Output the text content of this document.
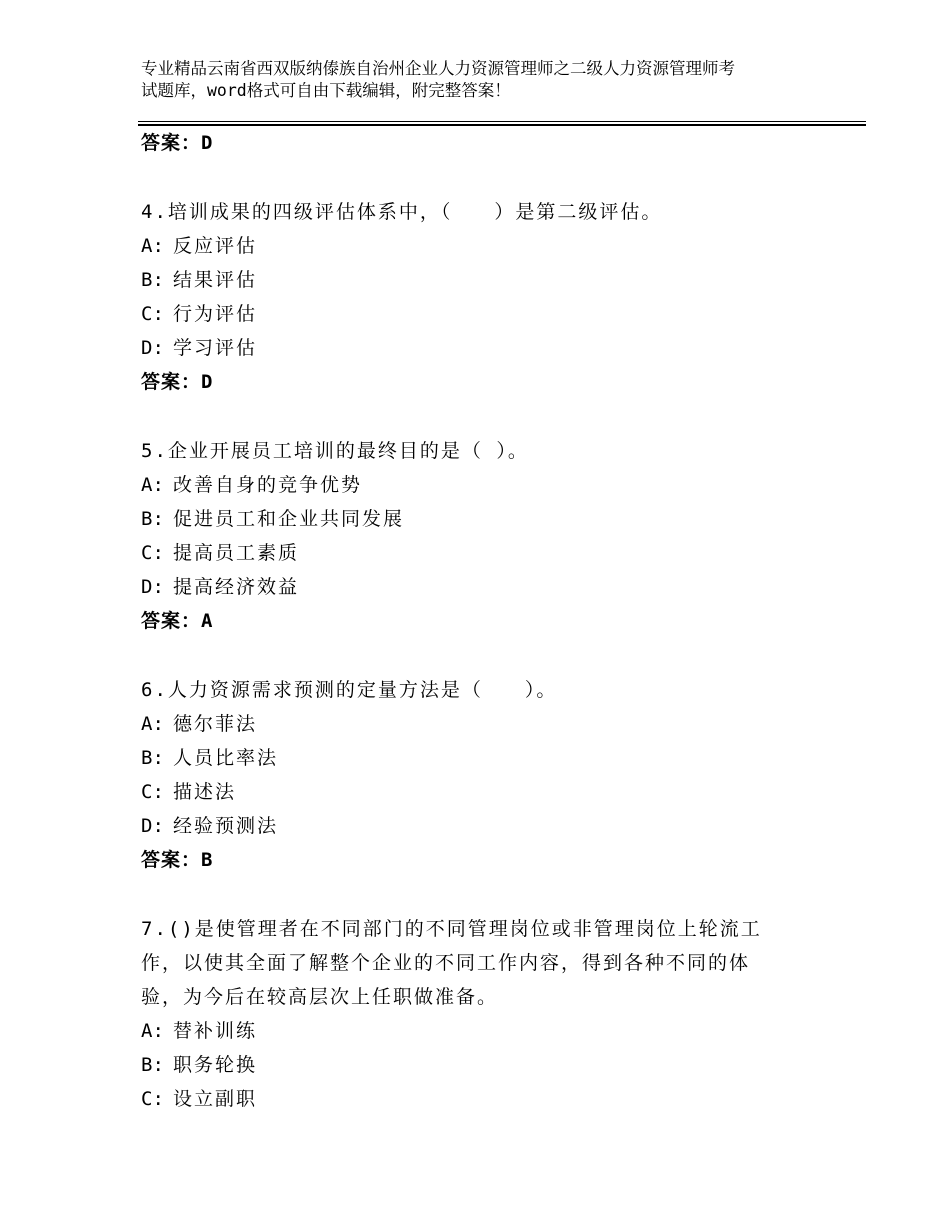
专业精品云南省西双版纳傣族自治州企业人力资源管理师之二级人力资源管理师考
试题库，word格式可自由下载编辑，附完整答案！
答案：D
4.培训成果的四级评估体系中，（　　）是第二级评估。
A: 反应评估
B: 结果评估
C: 行为评估
D: 学习评估
答案：D
5.企业开展员工培训的最终目的是（ ）。
A: 改善自身的竞争优势
B: 促进员工和企业共同发展
C: 提高员工素质
D: 提高经济效益
答案：A
6.人力资源需求预测的定量方法是（　　）。
A: 德尔菲法
B: 人员比率法
C: 描述法
D: 经验预测法
答案：B
7.()是使管理者在不同部门的不同管理岗位或非管理岗位上轮流工
作，以使其全面了解整个企业的不同工作内容，得到各种不同的体
验，为今后在较高层次上任职做准备。
A: 替补训练
B: 职务轮换
C: 设立副职
